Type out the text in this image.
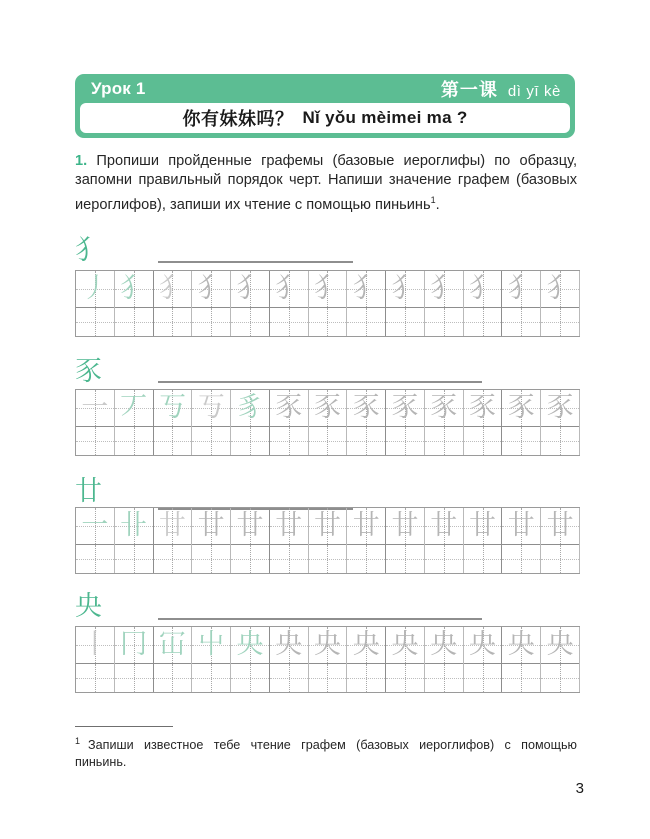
Урок 1	第一课 dì yī kè
你有妹妹吗？ Nǐ yǒu mèimei ma ?
1. Пропиши пройденные графемы (базовые иероглифы) по образцу, запомни правильный порядок черт. Напиши значение графем (базовых иероглифов), запиши их чтение с помощью пиньинь$^1$.
犭
丿 犭 犭 犭 犭 犭 犭 犭 犭 犭 犭 犭 犭
豕
一 丆 丂 丂 豸 豕 豕 豕 豕 豕 豕 豕 豕
廿
一 卝 廿 廿 廿 廿 廿 廿 廿 廿 廿 廿 廿
央
丨 冂 冚 屮 央 央 央 央 央 央 央 央 央
$^1$ Запиши известное тебе чтение графем (базовых иероглифов) с помощью пиньинь.
3
